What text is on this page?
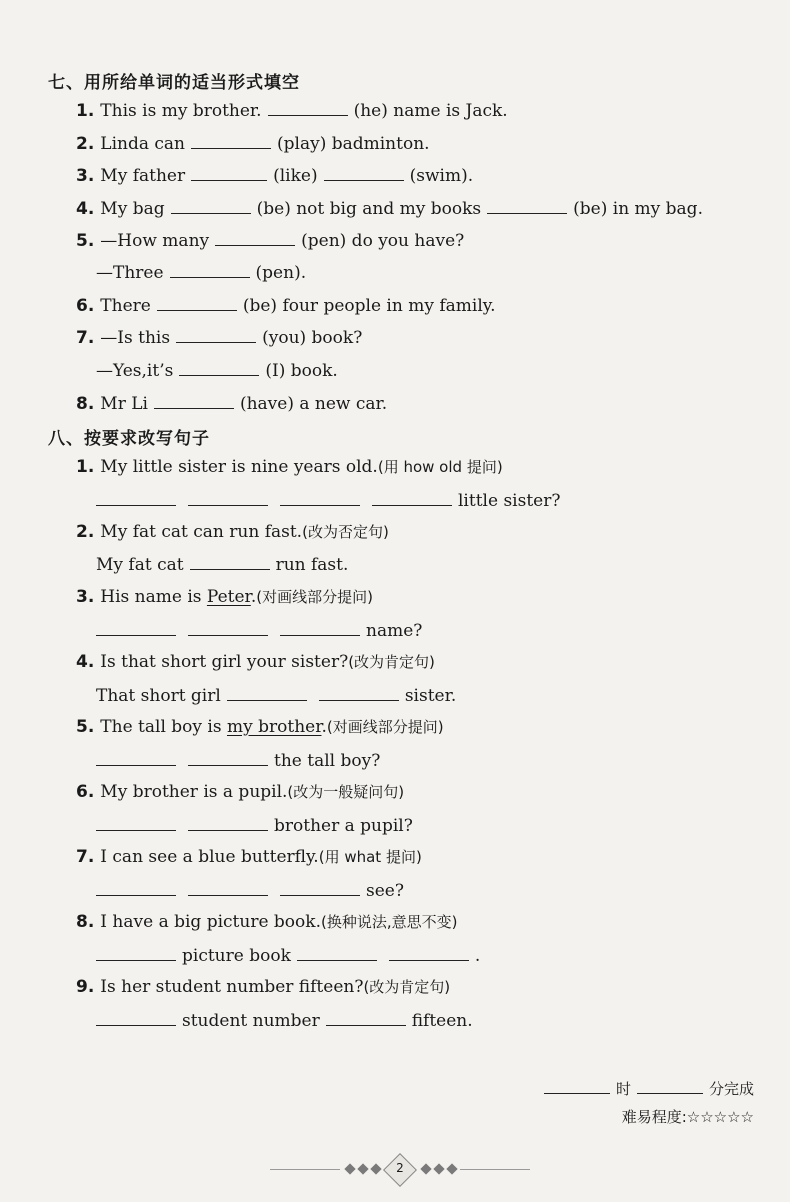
七、用所给单词的适当形式填空
1. This is my brother.	(he) name is Jack.
2. Linda can	(play) badminton.
3. My father	(like)	(swim).
4. My bag	(be) not big and my books	(be) in my bag.
5. —How many	(pen) do you have?
—Three	(pen).
6. There	(be) four people in my family.
7. —Is this	(you) book?
—Yes,it’s	(I) book.
8. Mr Li	(have) a new car.
八、按要求改写句子
1. My little sister is nine years old.(用 how old 提问)
little sister?
2. My fat cat can run fast.(改为否定句)
My fat cat	run fast.
3. His name is Peter.(对画线部分提问)
name?
4. Is that short girl your sister?(改为肯定句)
That short girl	sister.
5. The tall boy is my brother.(对画线部分提问)
the tall boy?
6. My brother is a pupil.(改为一般疑问句)
brother a pupil?
7. I can see a blue butterfly.(用 what 提问)
see?
8. I have a big picture book.(换种说法,意思不变)
picture book	.
9. Is her student number fifteen?(改为肯定句)
student number	fifteen.
时	分完成
难易程度:☆☆☆☆☆
2
